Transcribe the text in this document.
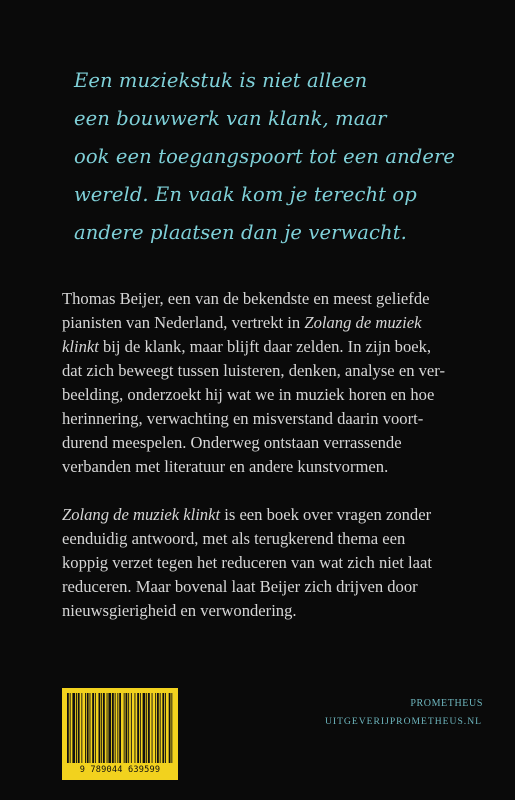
Een muziekstuk is niet alleen
een bouwwerk van klank, maar
ook een toegangspoort tot een andere
wereld. En vaak kom je terecht op
andere plaatsen dan je verwacht.
Thomas Beijer, een van de bekendste en meest geliefde
pianisten van Nederland, vertrekt in Zolang de muziek
klinkt bij de klank, maar blijft daar zelden. In zijn boek,
dat zich beweegt tussen luisteren, denken, analyse en ver-
beelding, onderzoekt hij wat we in muziek horen en hoe
herinnering, verwachting en misverstand daarin voort-
durend meespelen. Onderweg ontstaan verrassende
verbanden met literatuur en andere kunstvormen.
Zolang de muziek klinkt is een boek over vragen zonder
eenduidig antwoord, met als terugkerend thema een
koppig verzet tegen het reduceren van wat zich niet laat
reduceren. Maar bovenal laat Beijer zich drijven door
nieuwsgierigheid en verwondering.
9 789044 639599
PROMETHEUS
UITGEVERIJPROMETHEUS.NL
